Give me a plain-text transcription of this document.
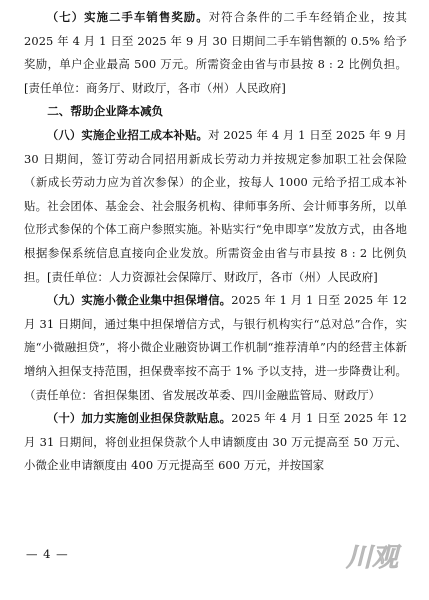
（七）实施二手车销售奖励。对符合条件的二手车经销企业，按其 2025 年 4 月 1 日至 2025 年 9 月 30 日期间二手车销售额的 0.5% 给予奖励，单户企业最高 500 万元。所需资金由省与市县按 8 : 2 比例负担。[责任单位：商务厅、财政厅，各市（州）人民政府]

二、帮助企业降本减负

（八）实施企业招工成本补贴。对 2025 年 4 月 1 日至 2025 年 9 月 30 日期间，签订劳动合同招用新成长劳动力并按规定参加职工社会保险（新成长劳动力应为首次参保）的企业，按每人 1000 元给予招工成本补贴。社会团体、基金会、社会服务机构、律师事务所、会计师事务所，以单位形式参保的个体工商户参照实施。补贴实行“免申即享”发放方式，由各地根据参保系统信息直接向企业发放。所需资金由省与市县按 8 : 2 比例负担。[责任单位：人力资源社会保障厅、财政厅，各市（州）人民政府]

（九）实施小微企业集中担保增信。2025 年 1 月 1 日至 2025 年 12 月 31 日期间，通过集中担保增信方式，与银行机构实行“总对总”合作，实施“小微融担贷”，将小微企业融资协调工作机制“推荐清单”内的经营主体新增纳入担保支持范围，担保费率按不高于 1% 予以支持，进一步降费让利。（责任单位：省担保集团、省发展改革委、四川金融监管局、财政厅）

（十）加力实施创业担保贷款贴息。2025 年 4 月 1 日至 2025 年 12 月 31 日期间，将创业担保贷款个人申请额度由 30 万元提高至 50 万元、小微企业申请额度由 400 万元提高至 600 万元，并按国家

— 4 —	川观
